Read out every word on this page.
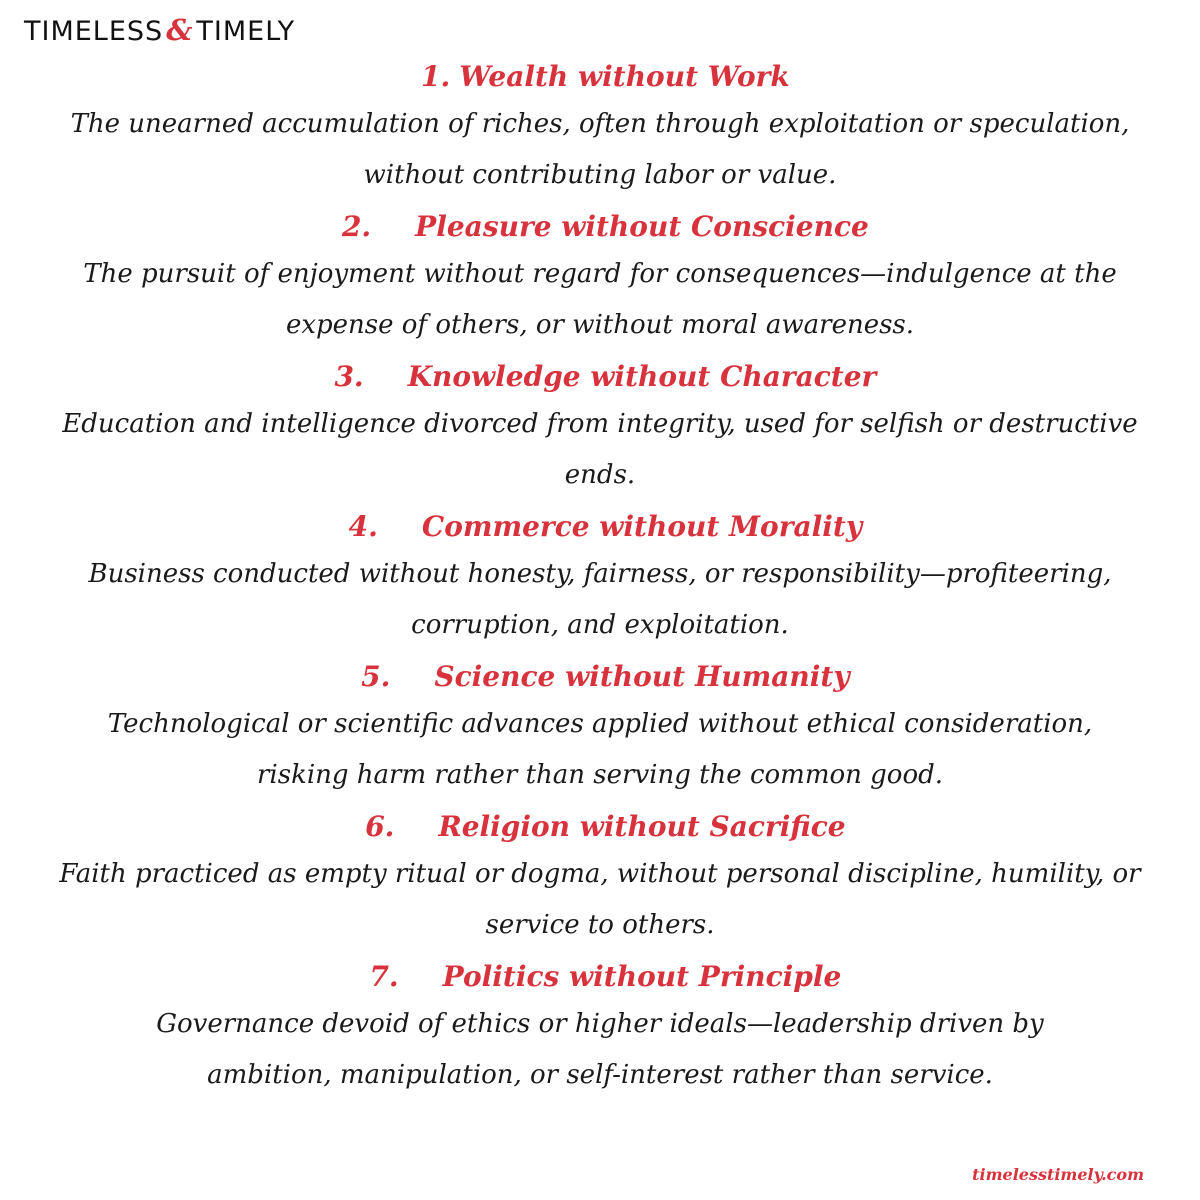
TIMELESS & TIMELY

1. Wealth without Work

The unearned accumulation of riches, often through exploitation or speculation, without contributing labor or value.

2. Pleasure without Conscience

The pursuit of enjoyment without regard for consequences—indulgence at the expense of others, or without moral awareness.

3. Knowledge without Character

Education and intelligence divorced from integrity, used for selfish or destructive ends.

4. Commerce without Morality

Business conducted without honesty, fairness, or responsibility—profiteering, corruption, and exploitation.

5. Science without Humanity

Technological or scientific advances applied without ethical consideration, risking harm rather than serving the common good.

6. Religion without Sacrifice

Faith practiced as empty ritual or dogma, without personal discipline, humility, or service to others.

7. Politics without Principle

Governance devoid of ethics or higher ideals—leadership driven by ambition, manipulation, or self-interest rather than service.

timelesstimely.com
